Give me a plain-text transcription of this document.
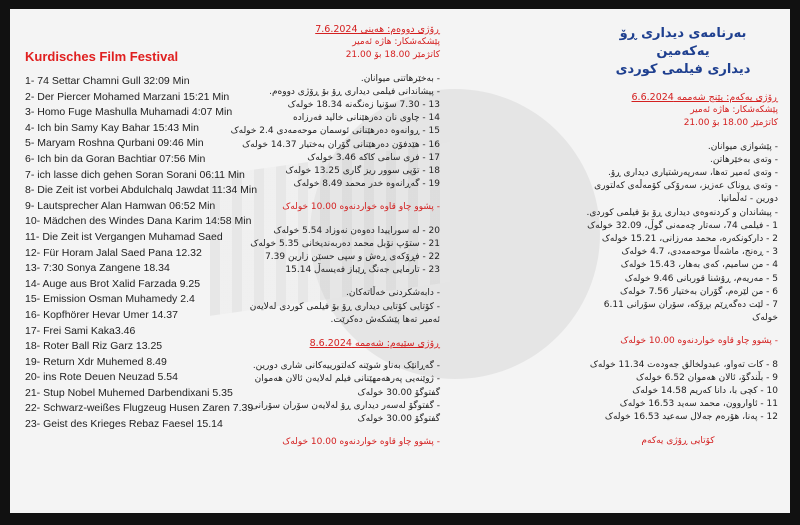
Kurdisches Film Festival
1- 74 Settar Chamni Gull 32:09 Min
2- Der Piercer Mohamed Marzani 15:21 Min
3- Homo Fuge Mashulla Muhamadi 4:07 Min
4- Ich bin Samy Kay Bahar 15:43 Min
5- Maryam Roshna Qurbani 09:46 Min
6- Ich bin da Goran Bachtiar 07:56 Min
7- ich lasse dich gehen Soran Sorani 06:11 Min
8- Die Zeit ist vorbei Abdulchalq Jawdat 11:34 Min
9- Lautsprecher Alan Hamwan 06:52 Min
10- Mädchen des Windes Dana Karim 14:58 Min
11- Die Zeit ist Vergangen Muhamad Saed
12- Für Horam Jalal Saed Pana 12.32
13- 7:30 Sonya Zangene 18.34
14- Auge aus Brot Xalid Farzada 9.25
15- Emission Osman Muhamedy 2.4
16- Kopfhörer Hevar Umer 14.37
17- Frei Sami Kaka3.46
18- Roter Ball Riz Garz 13.25
19- Return Xdr Muhemed 8.49
20- ins Rote Deuen Neuzad 5.54
21- Stup Nobel Muhemed Darbendixani 5.35
22- Schwarz-weißes Flugzeug Husen Zaren 7.39
23- Geist des Krieges Rebaz Faesel 15.14
ڕۆژی دووەم: هەینی 7.6.2024
پێشکەشکار: هاژە ئەمیر
کاتژمێر 18.00 بۆ 21.00
- بەخێرهاتنی میوانان.
- پیشاندانی فیلمی دیداری ڕۆ بۆ ڕۆژی دووەم.
13 - 7.30 سۆنیا زەنگەنە 18.34 خولەک
14 - چاوی نان دەرهێنانی خالید فەرزادە
15 - ڕوانەوە دەرهێنانی ئوسمان موحەمەدی 2.4 خولەک
16 - هێدفۆن دەرهێنانی گۆران بەختیار 14.37 خولەک
17 - فری سامی کاکە 3.46 خولەک
18 - تۆپی سوور ریز گاری 13.25 خولەک
19 - گەڕانەوە خدر محمد 8.49 خولەک
- پشوو چاو قاوە خواردنەوە 10.00 خولەک
20 - لە سوراییدا دەوەن نەوزاد 5.54 خولەک
21 - ستۆپ نۆبل محمد دەربەندیخانی 5.35 خولەک
22 - فڕۆکەی ڕەش و سپی حسێن زارین 7.39
23 - تارمایی جەنگ ڕێباز فەیسەڵ 15.14
- دابەشکردنی خەڵاتەکان.
- کۆتایی کۆتایی دیداری ڕۆ بۆ فیلمی کوردی لەلایەن
ئەمیر تەها پێشکەش دەکرێت.
ڕۆژی سێیەم: شەممە 8.6.2024
- گەڕانێک بەناو شوێنە کەلتورییەکانی شاری دورین.
- ژوێنەیی پەرهەمهێنانی فیلم لەلایەن ئالان هەموان
گفتوگۆ 30.00 خولەک
- گفتوگۆ لەسەر دیداری ڕۆ لەلایەن سۆران سۆرانی.
گفتوگۆ 30.00 خولەک
- پشوو چاو قاوە خواردنەوە 10.00 خولەک
بەرنامەی دیداری ڕۆ
یەکەمین
دیداری فیلمی کوردی
ڕۆژی یەکەم: پێنج شەممە 6.6.2024
پێشکەشکار: هاژە ئەمیر
کاتژمێر 18.00 بۆ 21.00
- پێشوازی میوانان.
- وتەی بەخێرهاتن.
- وتەی ئەمیر تەها، سەرپەرشتیاری دیداری ڕۆ.
- وتەی ڕوناک عەزیز، سەرۆکی کۆمەڵەی کەلتوری
دورین - ئەڵمانیا.
- پیشاندان و کردنەوەی دیداری ڕۆ بۆ فیلمی کوردی.
1 - فیلمی 74، سەتار چەمەنی گوڵ، 32.09 خولەک
2 - دارکونکەرە، محمد مەرزانی، 15.21 خولەک
3 - ڕەنج، ماشەڵا موحەمەدی، 4.7 خولەک
4 - من سامیم، کەی بەهار، 15.43 خولەک
5 - مەریەم، ڕۆشنا قوربانی 9.46 خولەک
6 - من لێرەم، گۆران بەختیار 7.56 خولەک
7 - لێت دەگەڕێم بڕۆکە، سۆران سۆرانی 6.11 خولەک
- پشوو چاو قاوە خواردنەوە 10.00 خولەک
8 - کات تەواو، عبدولخالق جەودەت 11.34 خولەک
9 - بڵندگۆ، ئالان هەموان 6.52 خولەک
10 - کچی با، دانا کەریم 14.58 خولەک
11 - ئاواروون، محمد سەید 16.53 خولەک
12 - پەنا، هۆرەم جەلال سەعید 16.53 خولەک
کۆتایی ڕۆژی یەکەم
